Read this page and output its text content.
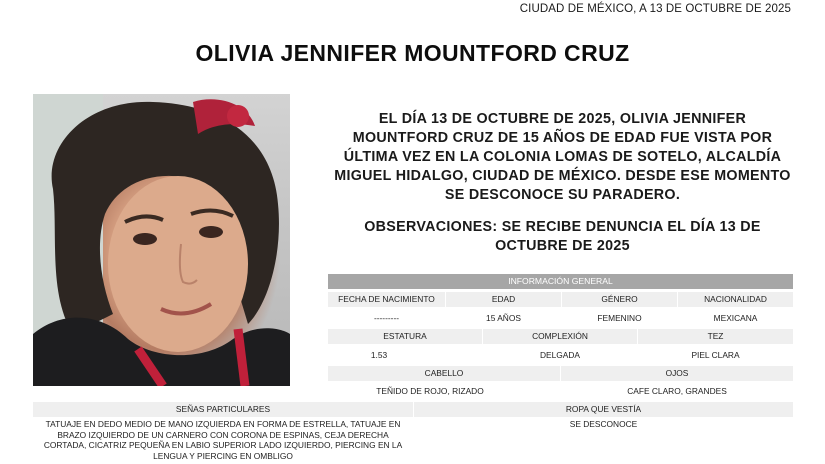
CIUDAD DE MÉXICO, A 13 DE OCTUBRE DE 2025
OLIVIA JENNIFER MOUNTFORD CRUZ
EL DÍA 13 DE OCTUBRE DE 2025, OLIVIA JENNIFER MOUNTFORD CRUZ DE 15 AÑOS DE EDAD FUE VISTA POR ÚLTIMA VEZ EN LA COLONIA LOMAS DE SOTELO, ALCALDÍA MIGUEL HIDALGO, CIUDAD DE MÉXICO. DESDE ESE MOMENTO SE DESCONOCE SU PARADERO.
OBSERVACIONES: SE RECIBE DENUNCIA EL DÍA 13 DE OCTUBRE DE 2025
INFORMACIÓN GENERAL
FECHA DE NACIMIENTO	EDAD	GÉNERO	NACIONALIDAD
---------	15 AÑOS	FEMENINO	MEXICANA
ESTATURA	COMPLEXIÓN	TEZ
1.53	DELGADA	PIEL CLARA
CABELLO	OJOS
TEÑIDO DE ROJO, RIZADO	CAFE CLARO, GRANDES
SEÑAS PARTICULARES	ROPA QUE VESTÍA
TATUAJE EN DEDO MEDIO DE MANO IZQUIERDA EN FORMA DE ESTRELLA, TATUAJE EN BRAZO IZQUIERDO DE UN CARNERO CON CORONA DE ESPINAS, CEJA DERECHA CORTADA, CICATRIZ PEQUEÑA EN LABIO SUPERIOR LADO IZQUIERDO, PIERCING EN LA LENGUA Y PIERCING EN OMBLIGO
SE DESCONOCE
